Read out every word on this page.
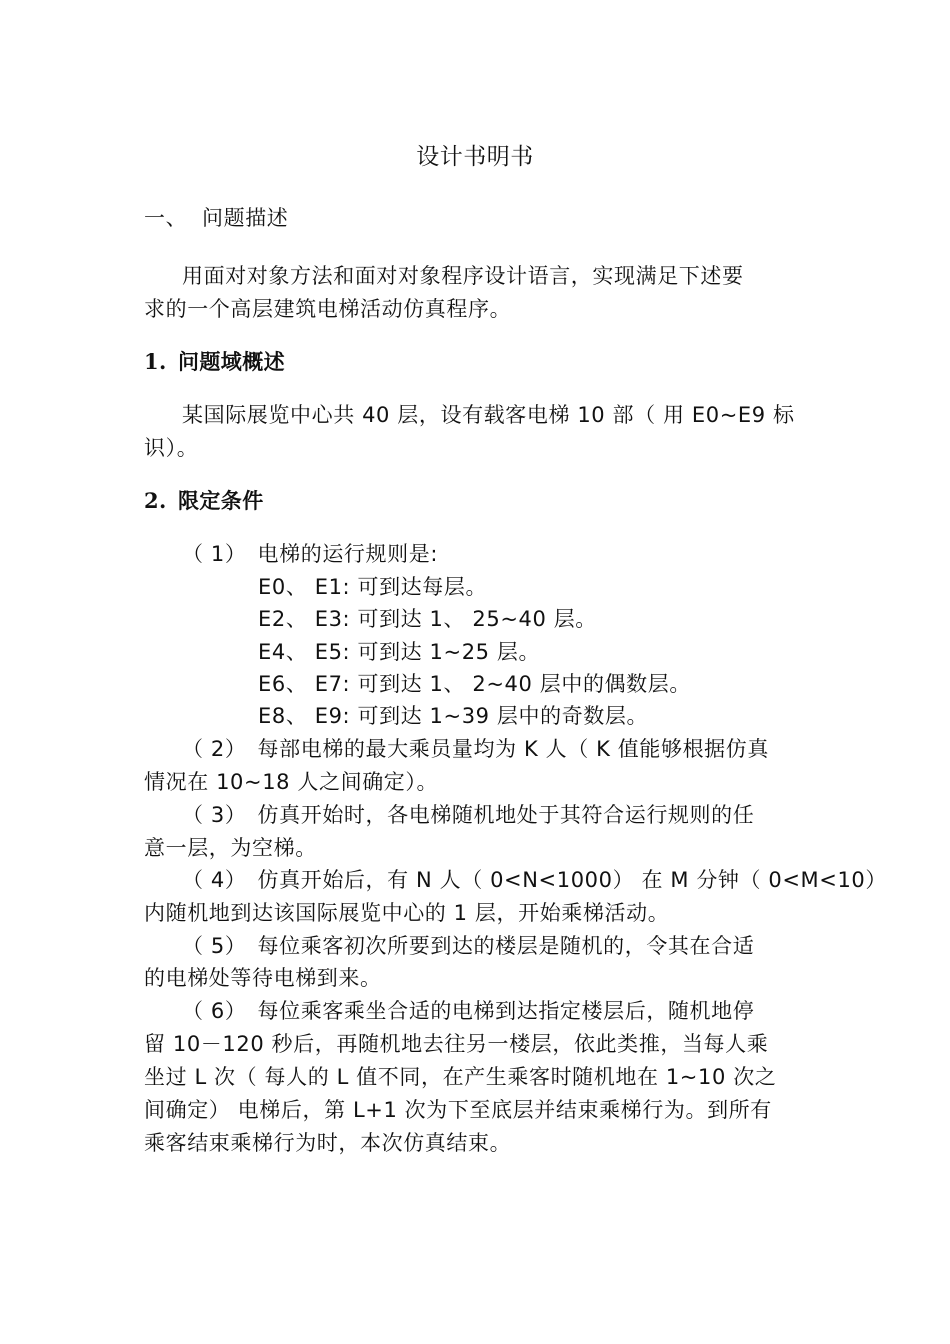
设计书明书
一、 问题描述
用面对对象方法和面对对象程序设计语言，实现满足下述要
求的一个高层建筑电梯活动仿真程序。
1. 问题域概述
某国际展览中心共 40 层，设有载客电梯 10 部（ 用 E0~E9 标
识）。
2. 限定条件
（ 1）　电梯的运行规则是:
E0、 E1: 可到达每层。
E2、 E3: 可到达 1、 25~40 层。
E4、 E5: 可到达 1~25 层。
E6、 E7: 可到达 1、 2~40 层中的偶数层。
E8、 E9: 可到达 1~39 层中的奇数层。
（ 2）　每部电梯的最大乘员量均为 K 人（ K 值能够根据仿真
情况在 10~18 人之间确定）。
（ 3）　仿真开始时，各电梯随机地处于其符合运行规则的任
意一层，为空梯。
（ 4）　仿真开始后，有 N 人（ 0<N<1000） 在 M 分钟（ 0<M<10）
内随机地到达该国际展览中心的 1 层，开始乘梯活动。
（ 5）　每位乘客初次所要到达的楼层是随机的，令其在合适
的电梯处等待电梯到来。
（ 6）　每位乘客乘坐合适的电梯到达指定楼层后，随机地停
留 10－120 秒后，再随机地去往另一楼层，依此类推，当每人乘
坐过 L 次（ 每人的 L 值不同，在产生乘客时随机地在 1~10 次之
间确定） 电梯后，第 L+1 次为下至底层并结束乘梯行为。到所有
乘客结束乘梯行为时，本次仿真结束。
